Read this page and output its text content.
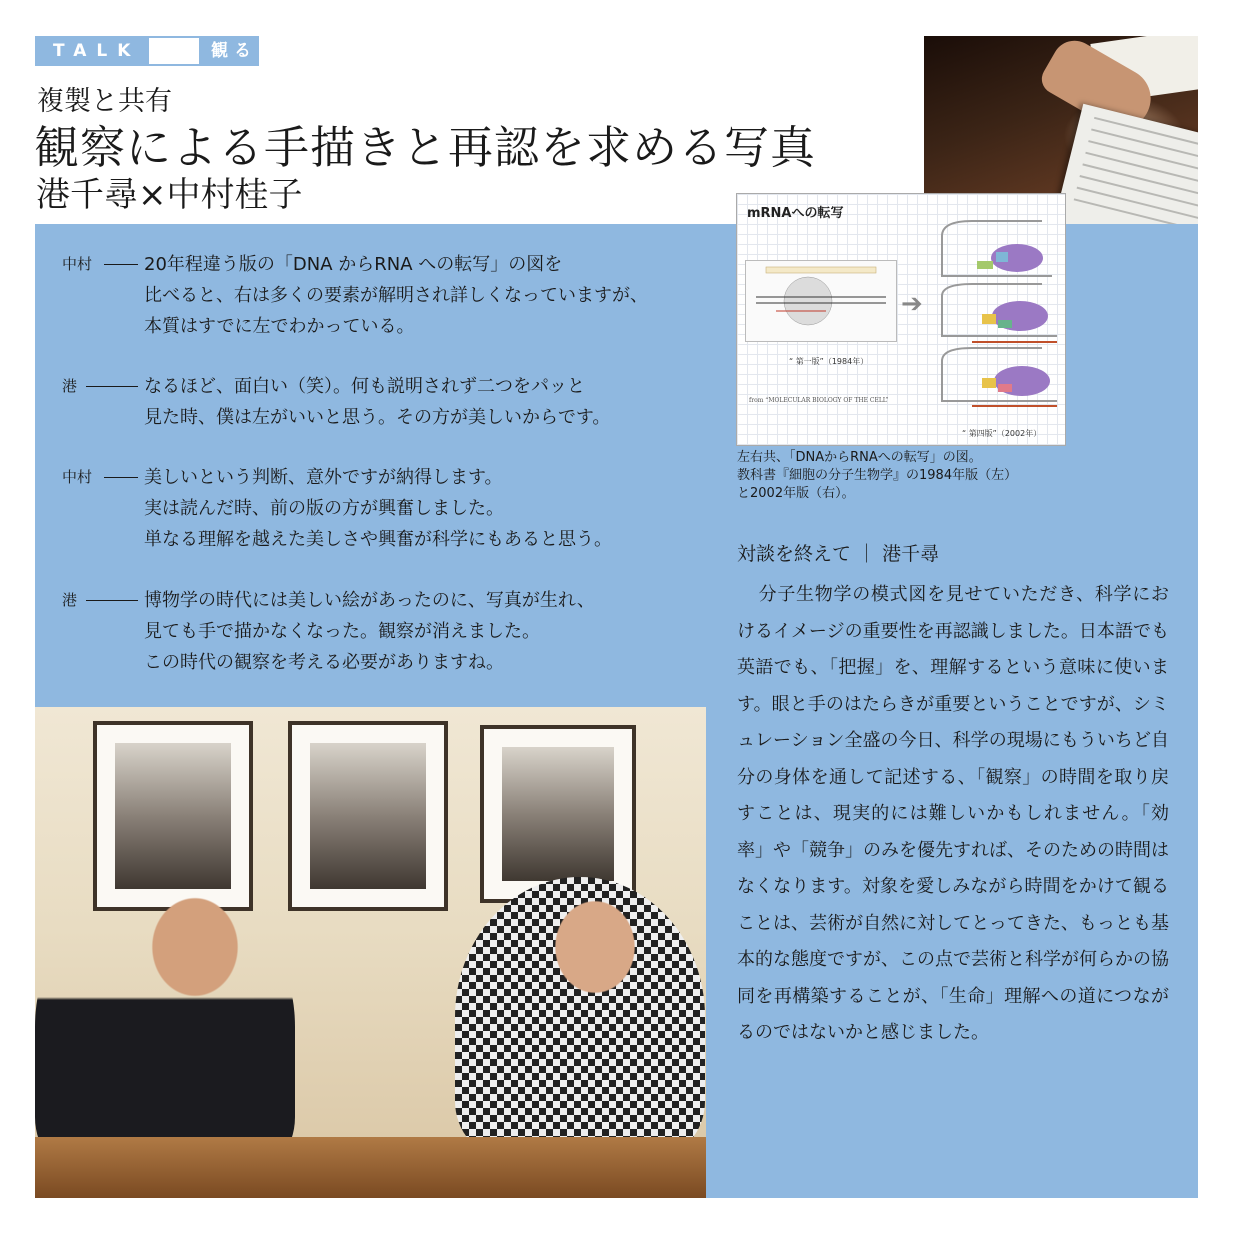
TALK	観る
複製と共有
観察による手描きと再認を求める写真
港千尋×中村桂子	mRNAへの転写
➔
“ 第一版”（1984年）
“ 第四版”（2002年）
from “MOLECULAR BIOLOGY OF THE CELL”
左右共、「DNAからRNAへの転写」の図。
教科書『細胞の分子生物学』の1984年版（左）
と2002年版（右）。
中村	20年程違う版の「DNA からRNA への転写」の図を
比べると、右は多くの要素が解明され詳しくなっていますが、
本質はすでに左でわかっている。
港	なるほど、面白い（笑）。何も説明されず二つをパッと
見た時、僕は左がいいと思う。その方が美しいからです。
中村	美しいという判断、意外ですが納得します。
実は読んだ時、前の版の方が興奮しました。
単なる理解を越えた美しさや興奮が科学にもあると思う。
港	博物学の時代には美しい絵があったのに、写真が生れ、
見ても手で描かなくなった。観察が消えました。
この時代の観察を考える必要がありますね。
対談を終えて ｜ 港千尋
分子生物学の模式図を見せていただき、科学におけるイメージの重要性を再認識しました。日本語でも英語でも、「把握」を、理解するという意味に使います。眼と手のはたらきが重要ということですが、シミュレーション全盛の今日、科学の現場にもういちど自分の身体を通して記述する、「観察」の時間を取り戻すことは、現実的には難しいかもしれません。「効率」や「競争」のみを優先すれば、そのための時間はなくなります。対象を愛しみながら時間をかけて観ることは、芸術が自然に対してとってきた、もっとも基本的な態度ですが、この点で芸術と科学が何らかの協同を再構築することが、「生命」理解への道につながるのではないかと感じました。
